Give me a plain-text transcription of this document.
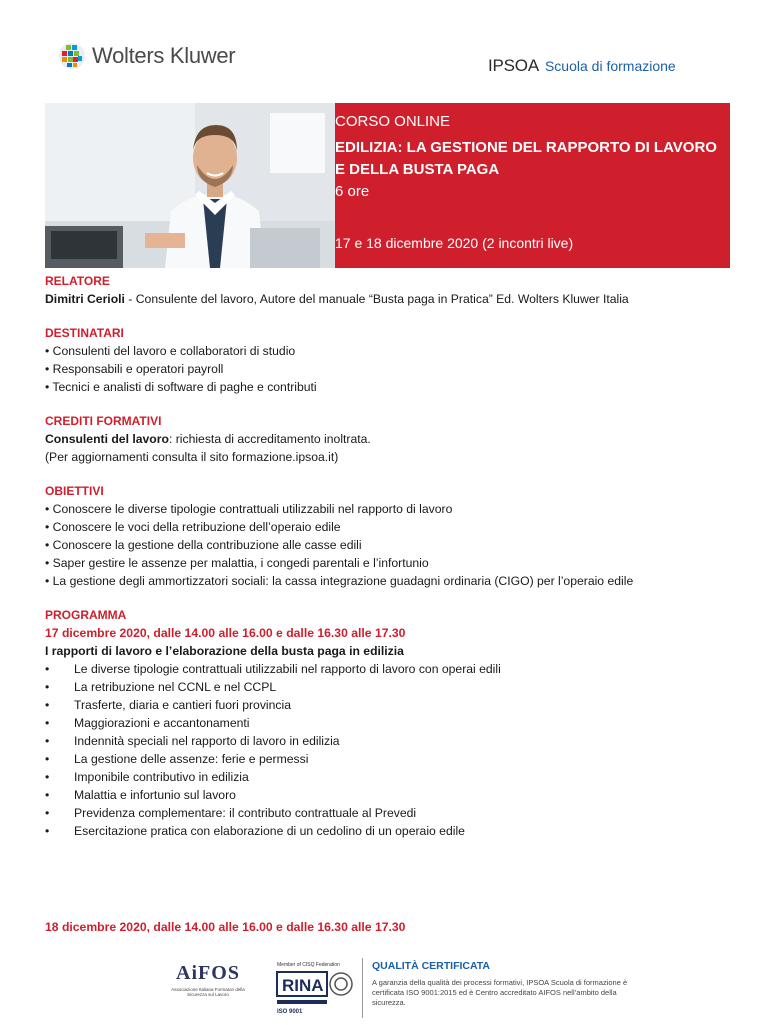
Wolters Kluwer	IPSOA Scuola di formazione
CORSO ONLINE
EDILIZIA: LA GESTIONE DEL RAPPORTO DI LAVORO E DELLA BUSTA PAGA
6 ore
17 e 18 dicembre 2020 (2 incontri live)
RELATORE
Dimitri Cerioli - Consulente del lavoro, Autore del manuale “Busta paga in Pratica” Ed. Wolters Kluwer Italia
DESTINATARI
• Consulenti del lavoro e collaboratori di studio
• Responsabili e operatori payroll
• Tecnici e analisti di software di paghe e contributi
CREDITI FORMATIVI
Consulenti del lavoro: richiesta di accreditamento inoltrata.
(Per aggiornamenti consulta il sito formazione.ipsoa.it)
OBIETTIVI
• Conoscere le diverse tipologie contrattuali utilizzabili nel rapporto di lavoro
• Conoscere le voci della retribuzione dell’operaio edile
• Conoscere la gestione della contribuzione alle casse edili
• Saper gestire le assenze per malattia, i congedi parentali e l’infortunio
• La gestione degli ammortizzatori sociali: la cassa integrazione guadagni ordinaria (CIGO) per l’operaio edile
PROGRAMMA
17 dicembre 2020, dalle 14.00 alle 16.00 e dalle 16.30 alle 17.30
I rapporti di lavoro e l’elaborazione della busta paga in edilizia
• Le diverse tipologie contrattuali utilizzabili nel rapporto di lavoro con operai edili
• La retribuzione nel CCNL e nel CCPL
• Trasferte, diaria e cantieri fuori provincia
• Maggiorazioni e accantonamenti
• Indennità speciali nel rapporto di lavoro in edilizia
• La gestione delle assenze: ferie e permessi
• Imponibile contributivo in edilizia
• Malattia e infortunio sul lavoro
• Previdenza complementare: il contributo contrattuale al Prevedi
• Esercitazione pratica con elaborazione di un cedolino di un operaio edile
18 dicembre 2020, dalle 14.00 alle 16.00 e dalle 16.30 alle 17.30
AiFOS
Associazione Italiana Formatori della Sicurezza sul Lavoro
Member of CISQ Federation
RINA
ISO 9001
QUALITÀ CERTIFICATA
A garanzia della qualità dei processi formativi, IPSOA Scuola di formazione è certificata ISO 9001:2015 ed è Centro accreditato AIFOS nell’ambito della sicurezza.
